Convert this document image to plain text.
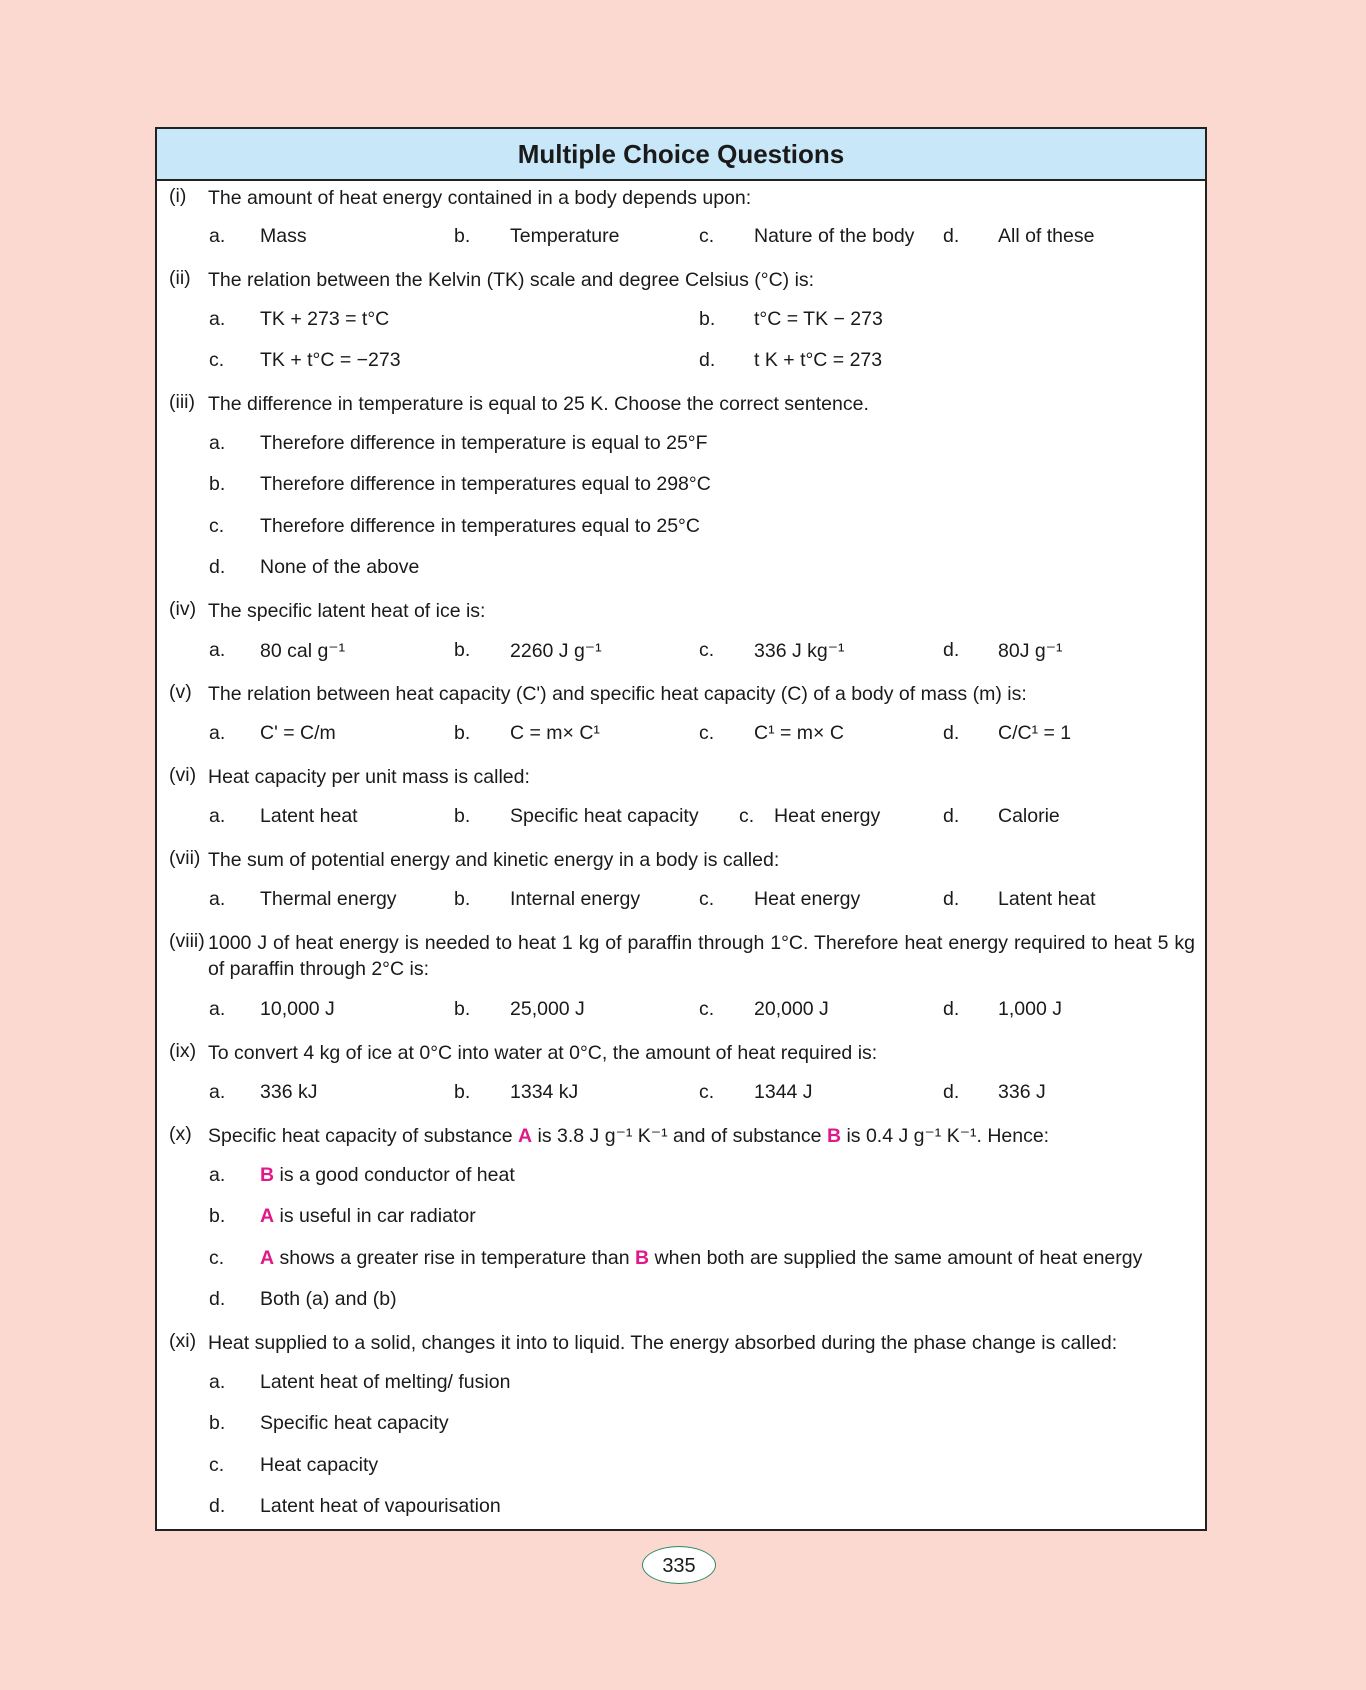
Multiple Choice Questions
(i) The amount of heat energy contained in a body depends upon:
a. Mass	b. Temperature	c. Nature of the body d. All of these
(ii) The relation between the Kelvin (TK) scale and degree Celsius (°C) is:
a. TK + 273 = t°C	b. t°C = TK − 273
c. TK + t°C = −273	d. t K + t°C = 273
(iii) The difference in temperature is equal to 25 K. Choose the correct sentence.
a. Therefore difference in temperature is equal to 25°F
b. Therefore difference in temperatures equal to 298°C
c. Therefore difference in temperatures equal to 25°C
d. None of the above
(iv) The specific latent heat of ice is:
a. 80 cal g⁻¹	b. 2260 J g⁻¹	c. 336 J kg⁻¹	d. 80J g⁻¹
(v) The relation between heat capacity (C') and specific heat capacity (C) of a body of mass (m) is:
a. C' = C/m	b. C = m× C¹	c. C¹ = m× C	d. C/C¹ = 1
(vi) Heat capacity per unit mass is called:
a. Latent heat	b. Specific heat capacity c. Heat energy	d. Calorie
(vii) The sum of potential energy and kinetic energy in a body is called:
a. Thermal energy	b. Internal energy	c. Heat energy	d. Latent heat
(viii) 1000 J of heat energy is needed to heat 1 kg of paraffin through 1°C. Therefore heat energy required to heat 5 kg of paraffin through 2°C is:
a. 10,000 J	b. 25,000 J	c. 20,000 J	d. 1,000 J
(ix) To convert 4 kg of ice at 0°C into water at 0°C, the amount of heat required is:
a. 336 kJ	b. 1334 kJ	c. 1344 J	d. 336 J
(x) Specific heat capacity of substance A is 3.8 J g⁻¹ K⁻¹ and of substance B is 0.4 J g⁻¹ K⁻¹. Hence:
a. B is a good conductor of heat
b. A is useful in car radiator
c. A shows a greater rise in temperature than B when both are supplied the same amount of heat energy
d. Both (a) and (b)
(xi) Heat supplied to a solid, changes it into to liquid. The energy absorbed during the phase change is called:
a. Latent heat of melting/ fusion
b. Specific heat capacity
c. Heat capacity
d. Latent heat of vapourisation
335
